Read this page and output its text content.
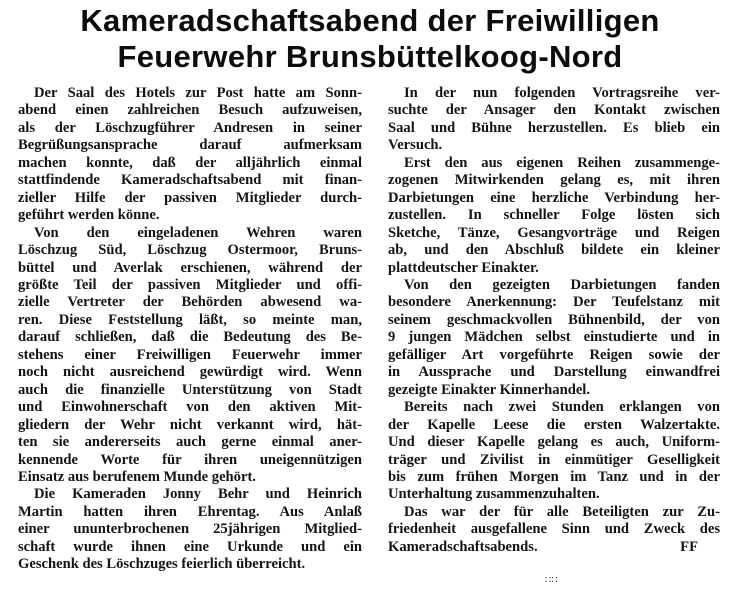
Kameradschaftsabend der Freiwilligen
Feuerwehr Brunsbüttelkoog-Nord
Der Saal des Hotels zur Post hatte am Sonn-
abend einen zahlreichen Besuch aufzuweisen,
als der Löschzugführer Andresen in seiner
Begrüßungsansprache darauf aufmerksam
machen konnte, daß der alljährlich einmal
stattfindende Kameradschaftsabend mit finan-
zieller Hilfe der passiven Mitglieder durch-
geführt werden könne.
Von den eingeladenen Wehren waren
Löschzug Süd, Löschzug Ostermoor, Bruns-
büttel und Averlak erschienen, während der
größte Teil der passiven Mitglieder und offi-
zielle Vertreter der Behörden abwesend wa-
ren. Diese Feststellung läßt, so meinte man,
darauf schließen, daß die Bedeutung des Be-
stehens einer Freiwilligen Feuerwehr immer
noch nicht ausreichend gewürdigt wird. Wenn
auch die finanzielle Unterstützung von Stadt
und Einwohnerschaft von den aktiven Mit-
gliedern der Wehr nicht verkannt wird, hät-
ten sie andererseits auch gerne einmal aner-
kennende Worte für ihren uneigennützigen
Einsatz aus berufenem Munde gehört.
Die Kameraden Jonny Behr und Heinrich
Martin hatten ihren Ehrentag. Aus Anlaß
einer ununterbrochenen 25jährigen Mitglied-
schaft wurde ihnen eine Urkunde und ein
Geschenk des Löschzuges feierlich überreicht.
In der nun folgenden Vortragsreihe ver-
suchte der Ansager den Kontakt zwischen
Saal und Bühne herzustellen. Es blieb ein
Versuch.
Erst den aus eigenen Reihen zusammenge-
zogenen Mitwirkenden gelang es, mit ihren
Darbietungen eine herzliche Verbindung her-
zustellen. In schneller Folge lösten sich
Sketche, Tänze, Gesangvorträge und Reigen
ab, und den Abschluß bildete ein kleiner
plattdeutscher Einakter.
Von den gezeigten Darbietungen fanden
besondere Anerkennung: Der Teufelstanz mit
seinem geschmackvollen Bühnenbild, der von
9 jungen Mädchen selbst einstudierte und in
gefälliger Art vorgeführte Reigen sowie der
in Aussprache und Darstellung einwandfrei
gezeigte Einakter Kinnerhandel.
Bereits nach zwei Stunden erklangen von
der Kapelle Leese die ersten Walzertakte.
Und dieser Kapelle gelang es auch, Uniform-
träger und Zivilist in einmütiger Geselligkeit
bis zum frühen Morgen im Tanz und in der
Unterhaltung zusammenzuhalten.
Das war der für alle Beteiligten zur Zu-
friedenheit ausgefallene Sinn und Zweck des
Kameradschaftsabends.	FF
∷∷
